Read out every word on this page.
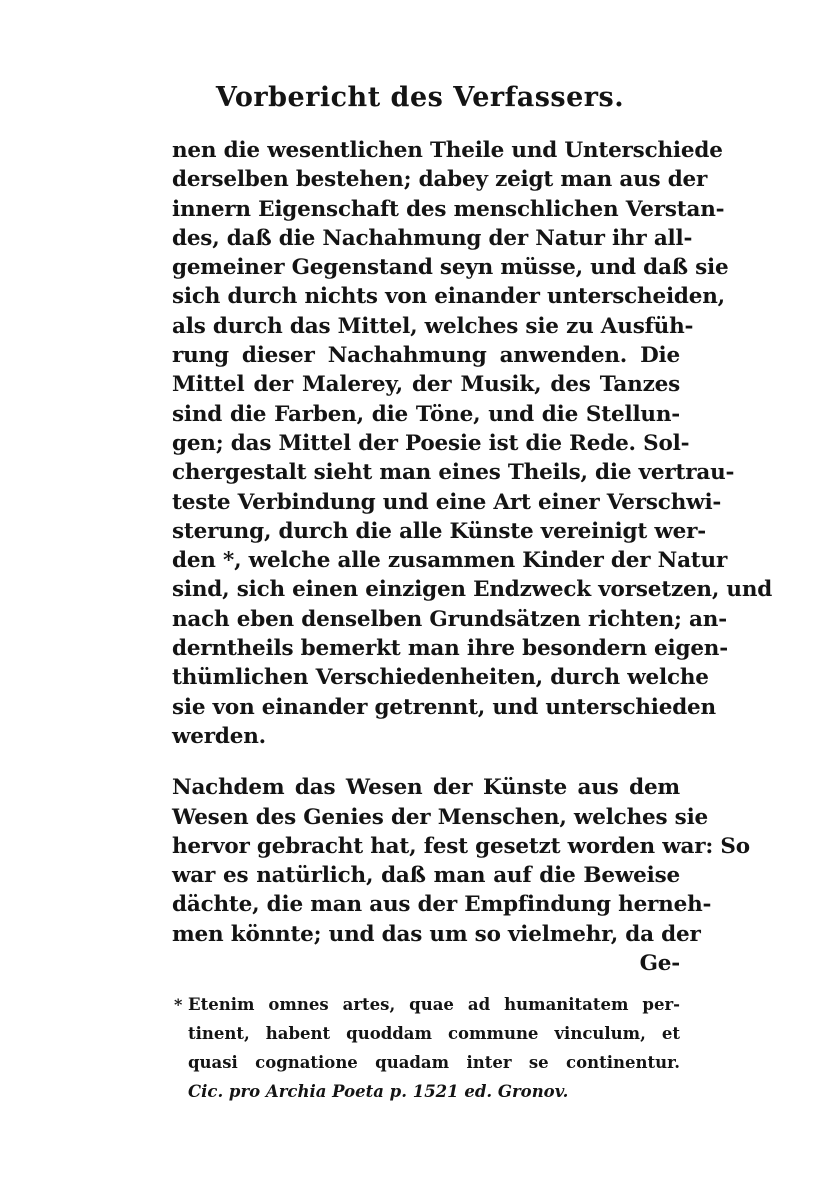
Vorbericht des Verfassers.
nen die wesentlichen Theile und Unterschiede
derselben bestehen; dabey zeigt man aus der
innern Eigenschaft des menschlichen Verstan-
des, daß die Nachahmung der Natur ihr all-
gemeiner Gegenstand seyn müsse, und daß sie
sich durch nichts von einander unterscheiden,
als durch das Mittel, welches sie zu Ausfüh-
rung dieser Nachahmung anwenden. Die
Mittel der Malerey, der Musik, des Tanzes
sind die Farben, die Töne, und die Stellun-
gen; das Mittel der Poesie ist die Rede. Sol-
chergestalt sieht man eines Theils, die vertrau-
teste Verbindung und eine Art einer Verschwi-
sterung, durch die alle Künste vereinigt wer-
den *, welche alle zusammen Kinder der Natur
sind, sich einen einzigen Endzweck vorsetzen, und
nach eben denselben Grundsätzen richten; an-
derntheils bemerkt man ihre besondern eigen-
thümlichen Verschiedenheiten, durch welche
sie von einander getrennt, und unterschieden
werden.
Nachdem das Wesen der Künste aus dem
Wesen des Genies der Menschen, welches sie
hervor gebracht hat, fest gesetzt worden war: So
war es natürlich, daß man auf die Beweise
dächte, die man aus der Empfindung herneh-
men könnte; und das um so vielmehr, da der
Ge-
* Etenim omnes artes, quae ad humanitatem per-
tinent, habent quoddam commune vinculum, et
quasi cognatione quadam inter se continentur.
Cic. pro Archia Poeta p. 1521 ed. Gronov.
